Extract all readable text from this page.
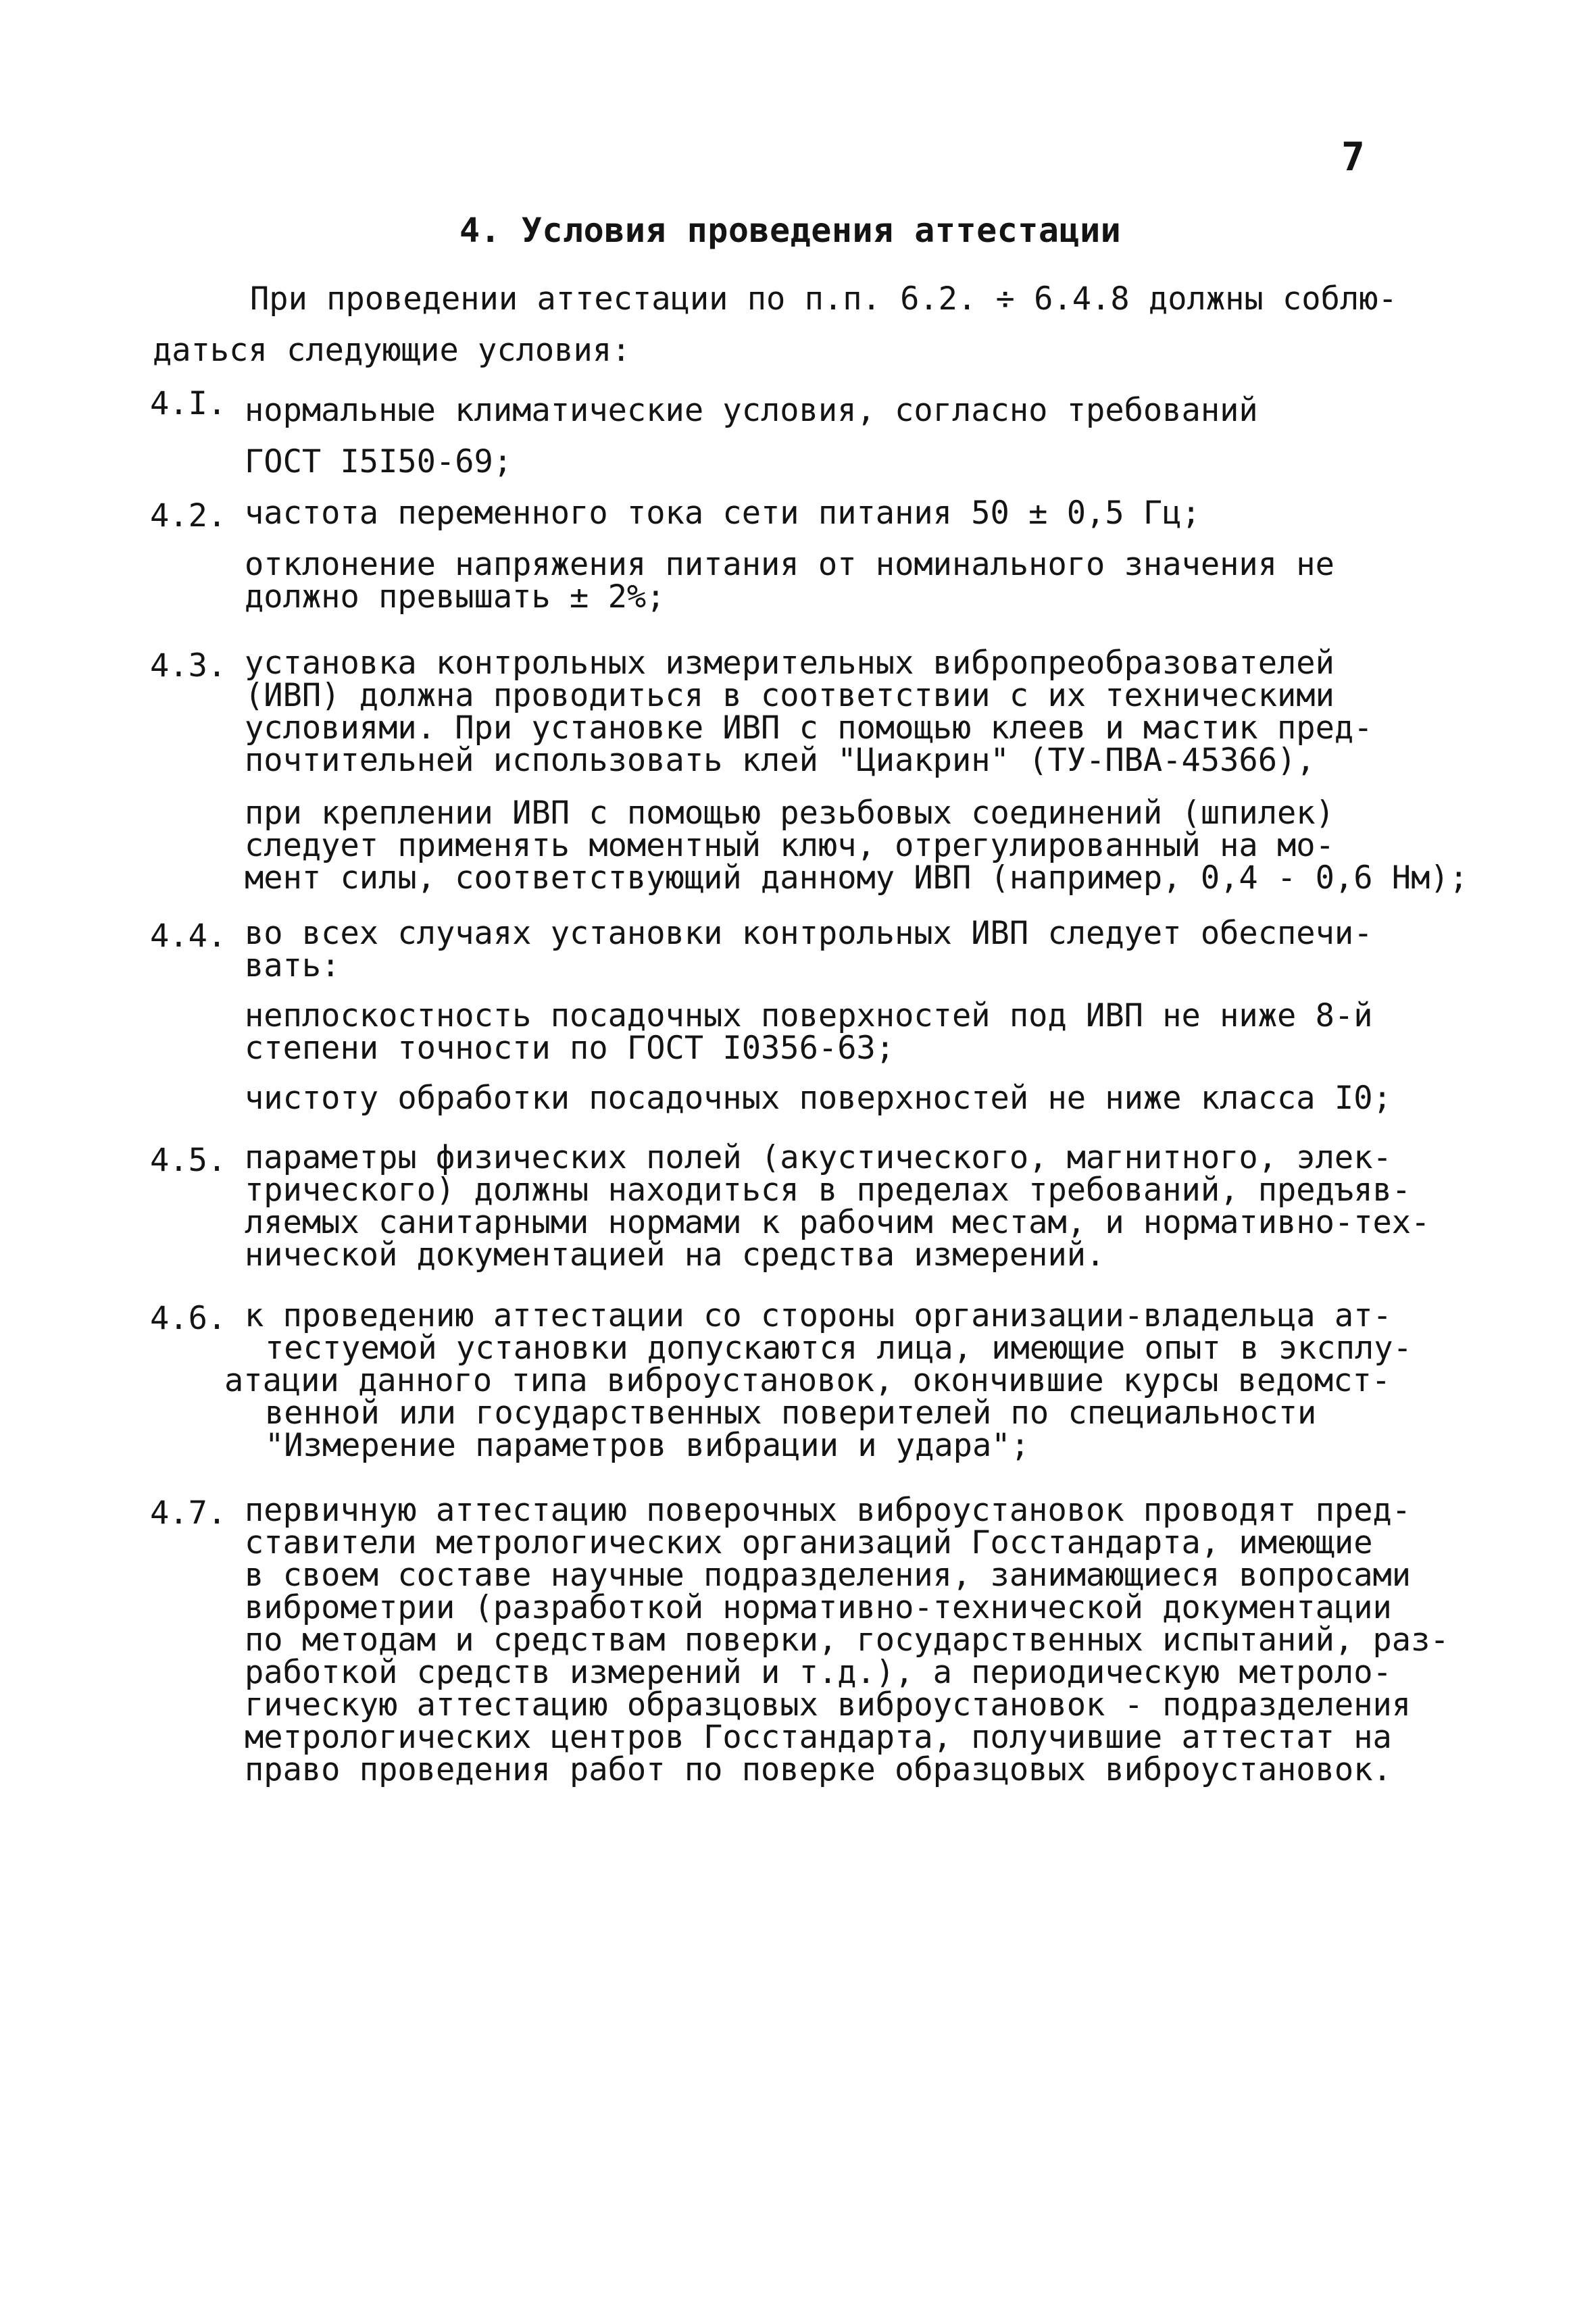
7
4. Условия проведения аттестации
При проведении аттестации по п.п. 6.2. ÷ 6.4.8 должны соблю-
даться следующие условия:
4.I. нормальные климатические условия, согласно требований
ГОСТ I5I50-69;
4.2. частота переменного тока сети питания 50 ± 0,5 Гц;
отклонение напряжения питания от номинального значения не
должно превышать ± 2%;
4.3. установка контрольных измерительных вибропреобразователей
(ИВП) должна проводиться в соответствии с их техническими
условиями. При установке ИВП с помощью клеев и мастик пред-
почтительней использовать клей "Циакрин" (ТУ-ПВА-45366),
при креплении ИВП с помощью резьбовых соединений (шпилек)
следует применять моментный ключ, отрегулированный на мо-
мент силы, соответствующий данному ИВП (например, 0,4 - 0,6 Нм);
4.4. во всех случаях установки контрольных ИВП следует обеспечи-
вать:
неплоскостность посадочных поверхностей под ИВП не ниже 8-й
степени точности по ГОСТ I0356-63;
чистоту обработки посадочных поверхностей не ниже класса I0;
4.5. параметры физических полей (акустического, магнитного, элек-
трического) должны находиться в пределах требований, предъяв-
ляемых санитарными нормами к рабочим местам, и нормативно-тех-
нической документацией на средства измерений.
4.6. к проведению аттестации со стороны организации-владельца ат-
тестуемой установки допускаются лица, имеющие опыт в эксплу-
атации данного типа виброустановок, окончившие курсы ведомст-
венной или государственных поверителей по специальности
"Измерение параметров вибрации и удара";
4.7. первичную аттестацию поверочных виброустановок проводят пред-
ставители метрологических организаций Госстандарта, имеющие
в своем составе научные подразделения, занимающиеся вопросами
виброметрии (разработкой нормативно-технической документации
по методам и средствам поверки, государственных испытаний, раз-
работкой средств измерений и т.д.), а периодическую метроло-
гическую аттестацию образцовых виброустановок - подразделения
метрологических центров Госстандарта, получившие аттестат на
право проведения работ по поверке образцовых виброустановок.
